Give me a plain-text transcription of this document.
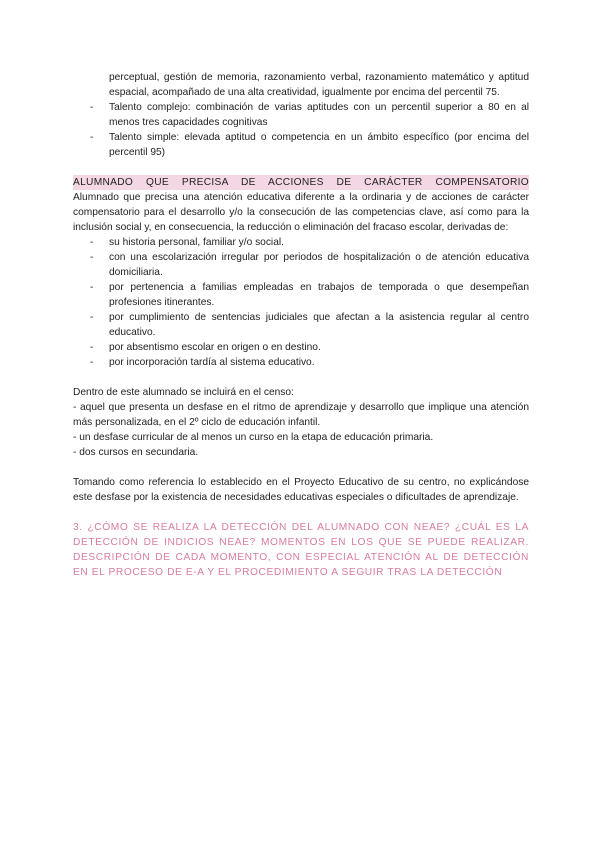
perceptual, gestión de memoria, razonamiento verbal, razonamiento matemático y aptitud espacial, acompañado de una alta creatividad, igualmente por encima del percentil 75.

- Talento complejo: combinación de varias aptitudes con un percentil superior a 80 en al menos tres capacidades cognitivas
- Talento simple: elevada aptitud o competencia en un ámbito específico (por encima del percentil 95)
ALUMNADO QUE PRECISA DE ACCIONES DE CARÁCTER COMPENSATORIO

Alumnado que precisa una atención educativa diferente a la ordinaria y de acciones de carácter compensatorio para el desarrollo y/o la consecución de las competencias clave, así como para la inclusión social y, en consecuencia, la reducción o eliminación del fracaso escolar, derivadas de:

- su historia personal, familiar y/o social.
- con una escolarización irregular por periodos de hospitalización o de atención educativa domiciliaria.
- por pertenencia a familias empleadas en trabajos de temporada o que desempeñan profesiones itinerantes.
- por cumplimiento de sentencias judiciales que afectan a la asistencia regular al centro educativo.
- por absentismo escolar en origen o en destino.
- por incorporación tardía al sistema educativo.

Dentro de este alumnado se incluirá en el censo:

- aquel que presenta un desfase en el ritmo de aprendizaje y desarrollo que implique una atención más personalizada, en el 2º ciclo de educación infantil.

- un desfase curricular de al menos un curso en la etapa de educación primaria.

- dos cursos en secundaria.

Tomando como referencia lo establecido en el Proyecto Educativo de su centro, no explicándose este desfase por la existencia de necesidades educativas especiales o dificultades de aprendizaje.

3. ¿CÓMO SE REALIZA LA DETECCIÓN DEL ALUMNADO CON NEAE? ¿CUÁL ES LA DETECCIÓN DE INDICIOS NEAE? MOMENTOS EN LOS QUE SE PUEDE REALIZAR. DESCRIPCIÓN DE CADA MOMENTO, CON ESPECIAL ATENCIÓN AL DE DETECCIÓN EN EL PROCESO DE E-A Y EL PROCEDIMIENTO A SEGUIR TRAS LA DETECCIÓN
